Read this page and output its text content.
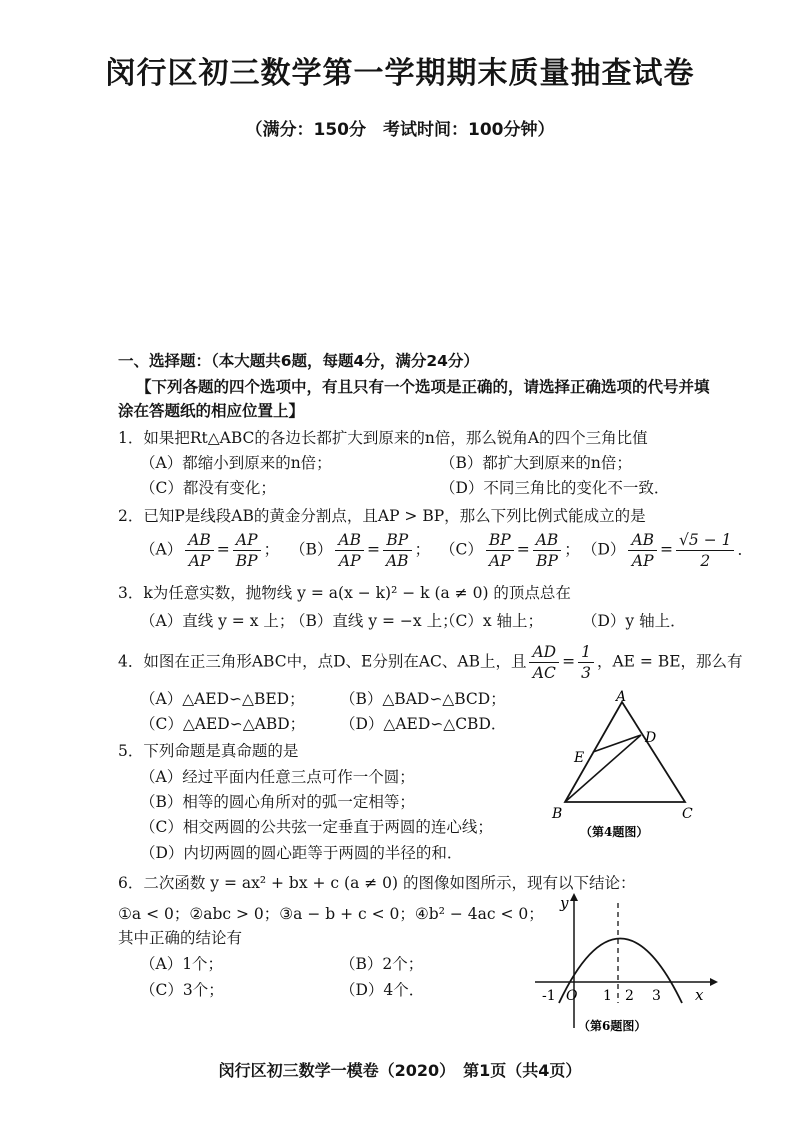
闵行区初三数学第一学期期末质量抽查试卷
（满分：150分　考试时间：100分钟）
一、选择题：（本大题共6题，每题4分，满分24分）
【下列各题的四个选项中，有且只有一个选项是正确的，请选择正确选项的代号并填
涂在答题纸的相应位置上】
1．如果把Rt△ABC的各边长都扩大到原来的n倍，那么锐角A的四个三角比值
（A）都缩小到原来的n倍；	（B）都扩大到原来的n倍；
（C）都没有变化；	（D）不同三角比的变化不一致．
2．已知P是线段AB的黄金分割点，且AP > BP，那么下列比例式能成立的是
$(A) \frac{AB}{AP} = \frac{AP}{BP}$ ； $(B) \frac{AB}{AP} = \frac{BP}{AB}$ ； $(C) \frac{BP}{AP} = \frac{AB}{BP}$ ； $(D) \frac{AB}{AP} = \frac{√5 - 1}{2}$ ．
3．k为任意实数，抛物线 y = a(x − k)² − k (a ≠ 0) 的顶点总在
（A）直线 y = x 上；
（B）直线 y = −x 上；
（C）x 轴上；	（D）y 轴上．
4．如图在正三角形ABC中，点D、E分别在AC、AB上，且 $\frac{AD}{AC} = \frac{1}{3}$ ，AE = BE，那么有
（A）△AED∽△BED； （B）△BAD∽△BCD；
（C）△AED∽△ABD； （D）△AED∽△CBD．
5．下列命题是真命题的是
（A）经过平面内任意三点可作一个圆；
（B）相等的圆心角所对的弧一定相等；
（C）相交两圆的公共弦一定垂直于两圆的连心线；
（D）内切两圆的圆心距等于两圆的半径的和．
6．二次函数 y = ax² + bx + c (a ≠ 0) 的图像如图所示，现有以下结论：
①a < 0；②abc > 0；③a − b + c < 0；④b² − 4ac < 0；
其中正确的结论有
（A）1个；	（B）2个；
（C）3个；	（D）4个．
A
B	C
D
E
（第4题图）
y
x
O
-1	1 2 3
（第6题图）
闵行区初三数学一模卷（2020）　第1页（共4页）
